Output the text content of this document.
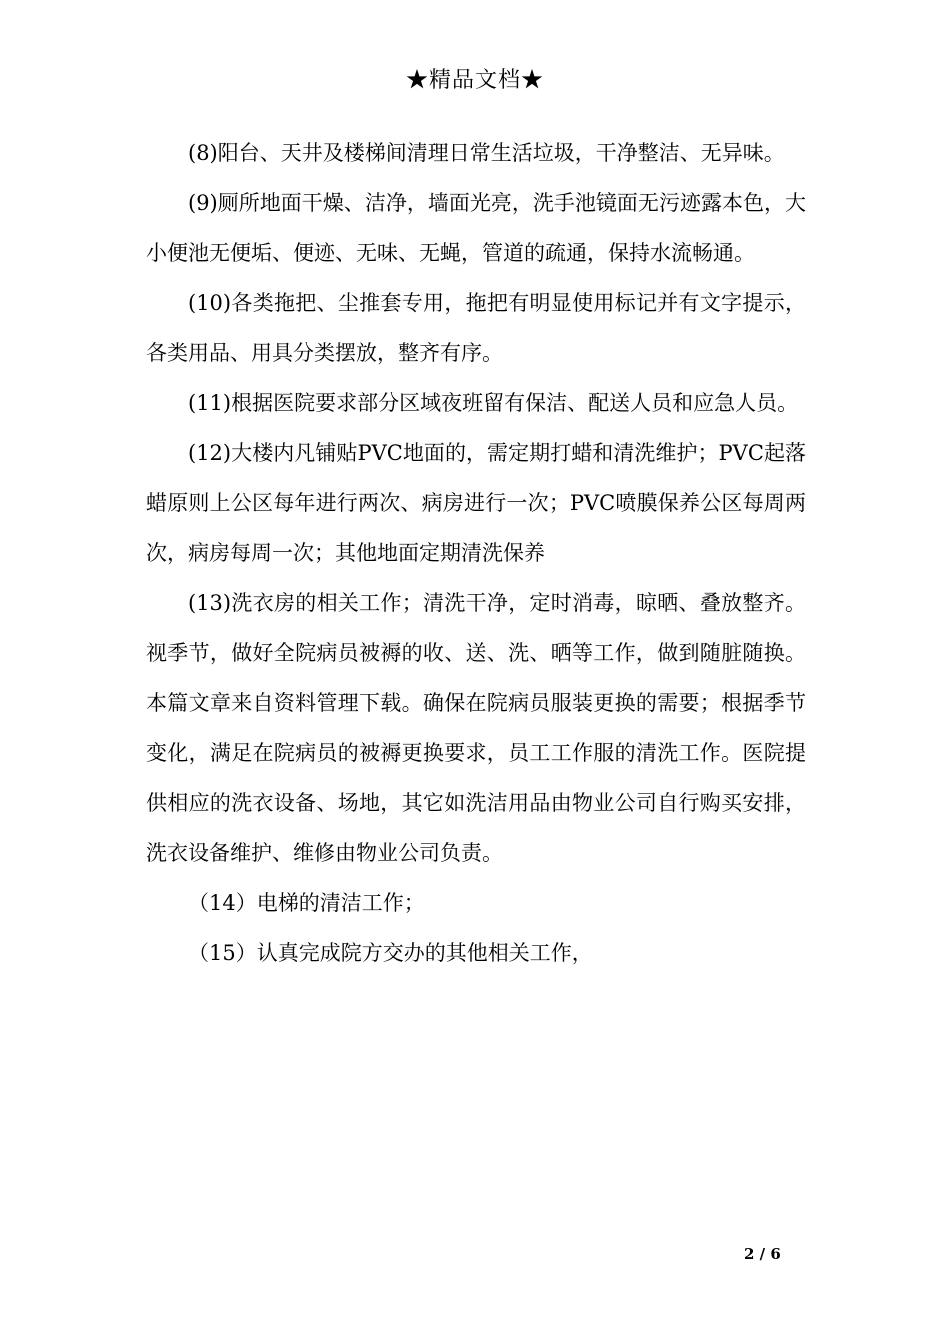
★精品文档★

(8)阳台、天井及楼梯间清理日常生活垃圾，干净整洁、无异味。

(9)厕所地面干燥、洁净，墙面光亮，洗手池镜面无污迹露本色，大小便池无便垢、便迹、无味、无蝇，管道的疏通，保持水流畅通。

(10)各类拖把、尘推套专用，拖把有明显使用标记并有文字提示，各类用品、用具分类摆放，整齐有序。

(11)根据医院要求部分区域夜班留有保洁、配送人员和应急人员。

(12)大楼内凡铺贴PVC地面的，需定期打蜡和清洗维护；PVC起落蜡原则上公区每年进行两次、病房进行一次；PVC喷膜保养公区每周两次，病房每周一次；其他地面定期清洗保养

(13)洗衣房的相关工作；清洗干净，定时消毒，晾晒、叠放整齐。视季节，做好全院病员被褥的收、送、洗、晒等工作，做到随脏随换。本篇文章来自资料管理下载。确保在院病员服装更换的需要；根据季节变化，满足在院病员的被褥更换要求，员工工作服的清洗工作。医院提供相应的洗衣设备、场地，其它如洗洁用品由物业公司自行购买安排，洗衣设备维护、维修由物业公司负责。

（14）电梯的清洁工作；

（15）认真完成院方交办的其他相关工作，

2 / 6
